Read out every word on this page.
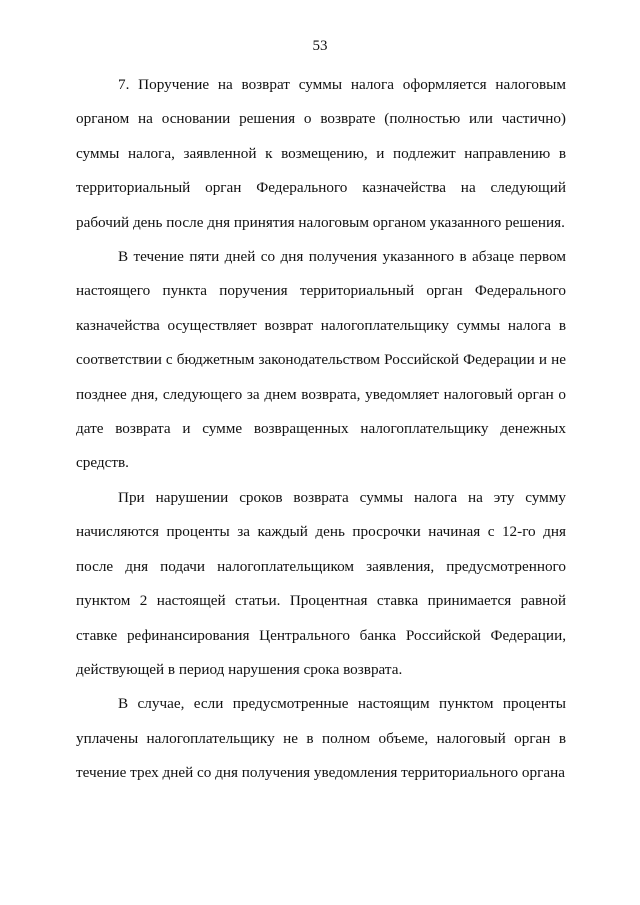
53

7. Поручение на возврат суммы налога оформляется налоговым органом на основании решения о возврате (полностью или частично) суммы налога, заявленной к возмещению, и подлежит направлению в территориальный орган Федерального казначейства на следующий рабочий день после дня принятия налоговым органом указанного решения.

В течение пяти дней со дня получения указанного в абзаце первом настоящего пункта поручения территориальный орган Федерального казначейства осуществляет возврат налогоплательщику суммы налога в соответствии с бюджетным законодательством Российской Федерации и не позднее дня, следующего за днем возврата, уведомляет налоговый орган о дате возврата и сумме возвращенных налогоплательщику денежных средств.

При нарушении сроков возврата суммы налога на эту сумму начисляются проценты за каждый день просрочки начиная с 12-го дня после дня подачи налогоплательщиком заявления, предусмотренного пунктом 2 настоящей статьи. Процентная ставка принимается равной ставке рефинансирования Центрального банка Российской Федерации, действующей в период нарушения срока возврата.

В случае, если предусмотренные настоящим пунктом проценты уплачены налогоплательщику не в полном объеме, налоговый орган в течение трех дней со дня получения уведомления территориального органа
